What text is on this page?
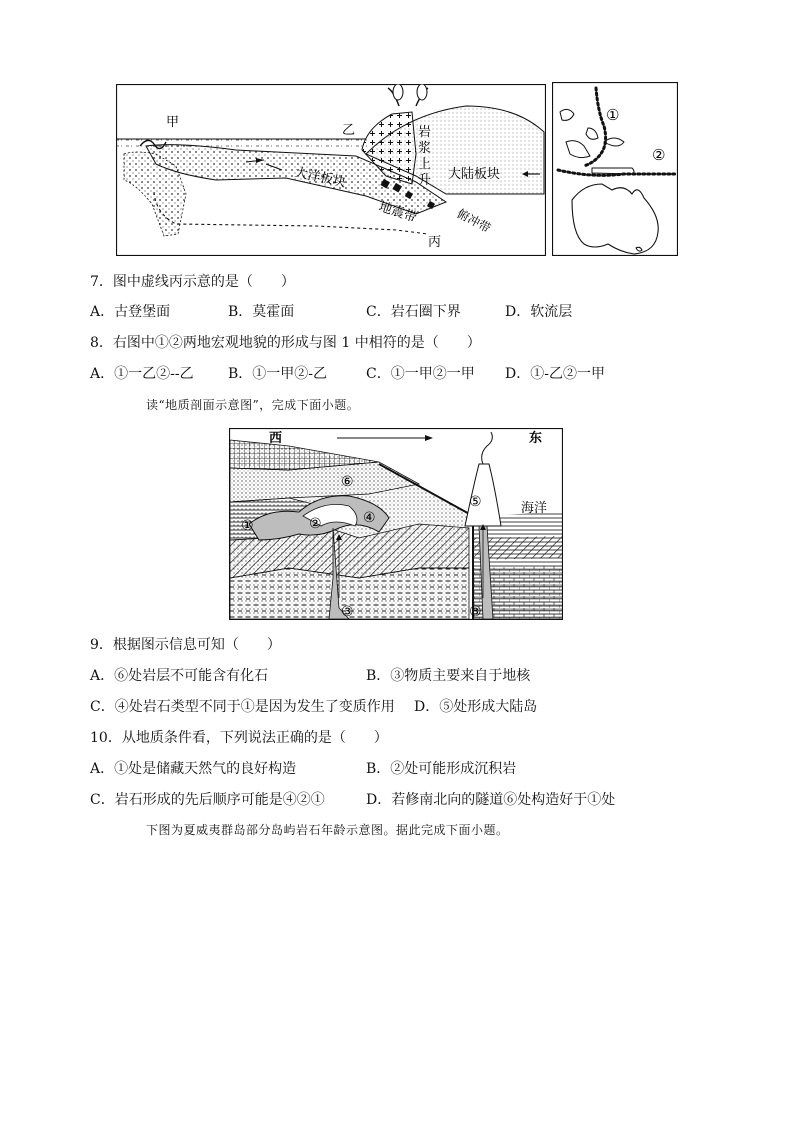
甲
乙
丙
岩
浆
上
升
大洋板块	大陆板块
地震带	俯冲带
①
②
7．图中虚线丙示意的是（　　）
A．古登堡面	B．莫霍面	C．岩石圈下界	D．软流层
8．右图中①②两地宏观地貌的形成与图 1 中相符的是（　　）
A．①一乙②--乙 B．①一甲②-乙	C．①一甲②一甲 D．①-乙②一甲
读“地质剖面示意图”，完成下面小题。
西	东
海洋
⑥
⑤
④
②
①
③	③
9．根据图示信息可知（　　）
A．⑥处岩层不可能含有化石	B．③物质主要来自于地核
C．④处岩石类型不同于①是因为发生了变质作用 D．⑤处形成大陆岛
10．从地质条件看，下列说法正确的是（　　）
A．①处是储藏天然气的良好构造	B．②处可能形成沉积岩
C．岩石形成的先后顺序可能是④②①	D．若修南北向的隧道⑥处构造好于①处
下图为夏威夷群岛部分岛屿岩石年龄示意图。据此完成下面小题。
